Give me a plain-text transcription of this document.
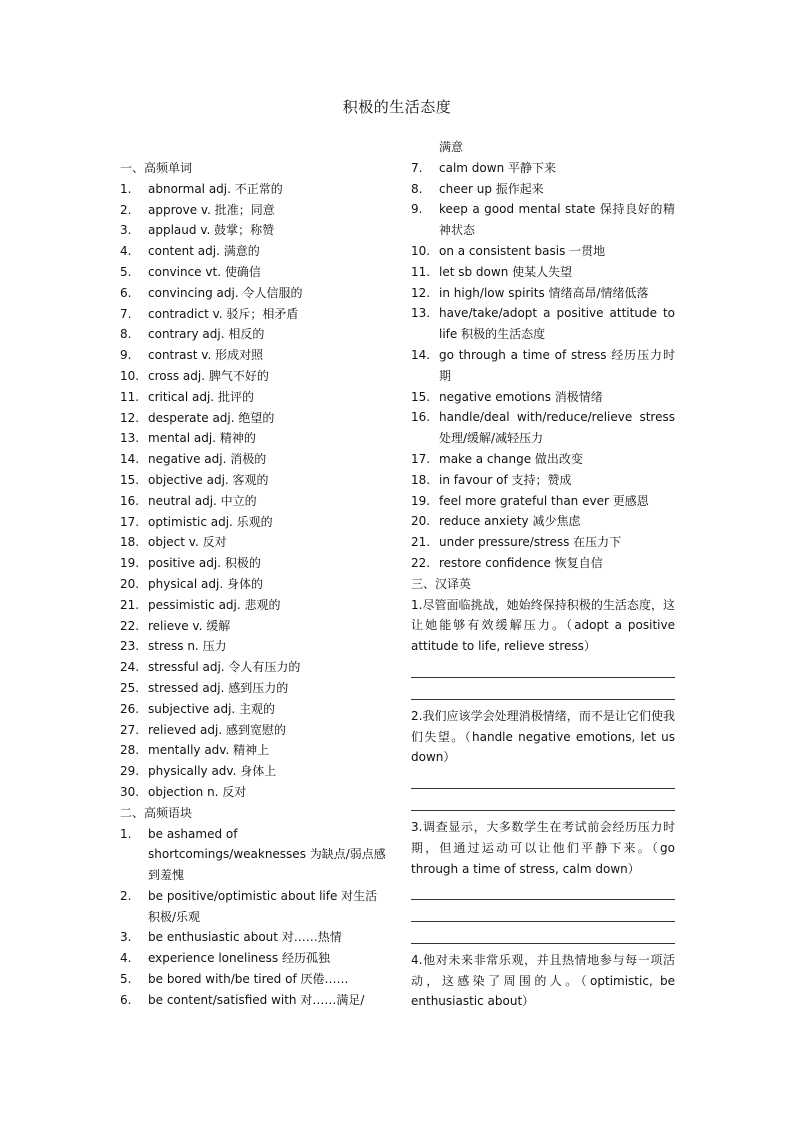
积极的生活态度
一、高频单词
1.	abnormal adj. 不正常的
2.	approve v. 批准；同意
3.	applaud v. 鼓掌；称赞
4.	content adj. 满意的
5.	convince vt. 使确信
6.	convincing adj. 令人信服的
7.	contradict v. 驳斥；相矛盾
8.	contrary adj. 相反的
9.	contrast v. 形成对照
10. cross adj. 脾气不好的
11. critical adj. 批评的
12. desperate adj. 绝望的
13. mental adj. 精神的
14. negative adj. 消极的
15. objective adj. 客观的
16. neutral adj. 中立的
17. optimistic adj. 乐观的
18. object v. 反对
19. positive adj. 积极的
20. physical adj. 身体的
21. pessimistic adj. 悲观的
22. relieve v. 缓解
23. stress n. 压力
24. stressful adj. 令人有压力的
25. stressed adj. 感到压力的
26. subjective adj. 主观的
27. relieved adj. 感到宽慰的
28. mentally adv. 精神上
29. physically adv. 身体上
30. objection n. 反对
二、高频语块
1.	be ashamed of shortcomings/weaknesses 为缺点/弱点感到羞愧
2.	be positive/optimistic about life 对生活积极/乐观
3.	be enthusiastic about 对……热情
4.	experience loneliness 经历孤独
5.	be bored with/be tired of 厌倦……
6.	be content/satisfied with 对……满足/
满意
7.	calm down 平静下来
8.	cheer up 振作起来
9.	keep a good mental state 保持良好的精神状态
10. on a consistent basis 一贯地
11. let sb down 使某人失望
12. in high/low spirits 情绪高昂/情绪低落
13. have/take/adopt a positive attitude to life 积极的生活态度
14. go through a time of stress 经历压力时期
15. negative emotions 消极情绪
16. handle/deal with/reduce/relieve stress 处理/缓解/减轻压力
17. make a change 做出改变
18. in favour of 支持；赞成
19. feel more grateful than ever 更感恩
20. reduce anxiety 减少焦虑
21. under pressure/stress 在压力下
22. restore confidence 恢复自信
三、汉译英
1.尽管面临挑战，她始终保持积极的生活态度，这让她能够有效缓解压力。（adopt a positive attitude to life, relieve stress）
2.我们应该学会处理消极情绪，而不是让它们使我们失望。（handle negative emotions, let us down）
3.调查显示，大多数学生在考试前会经历压力时期，但通过运动可以让他们平静下来。（go through a time of stress, calm down）
4.他对未来非常乐观，并且热情地参与每一项活动，这感染了周围的人。（optimistic, be enthusiastic about）
